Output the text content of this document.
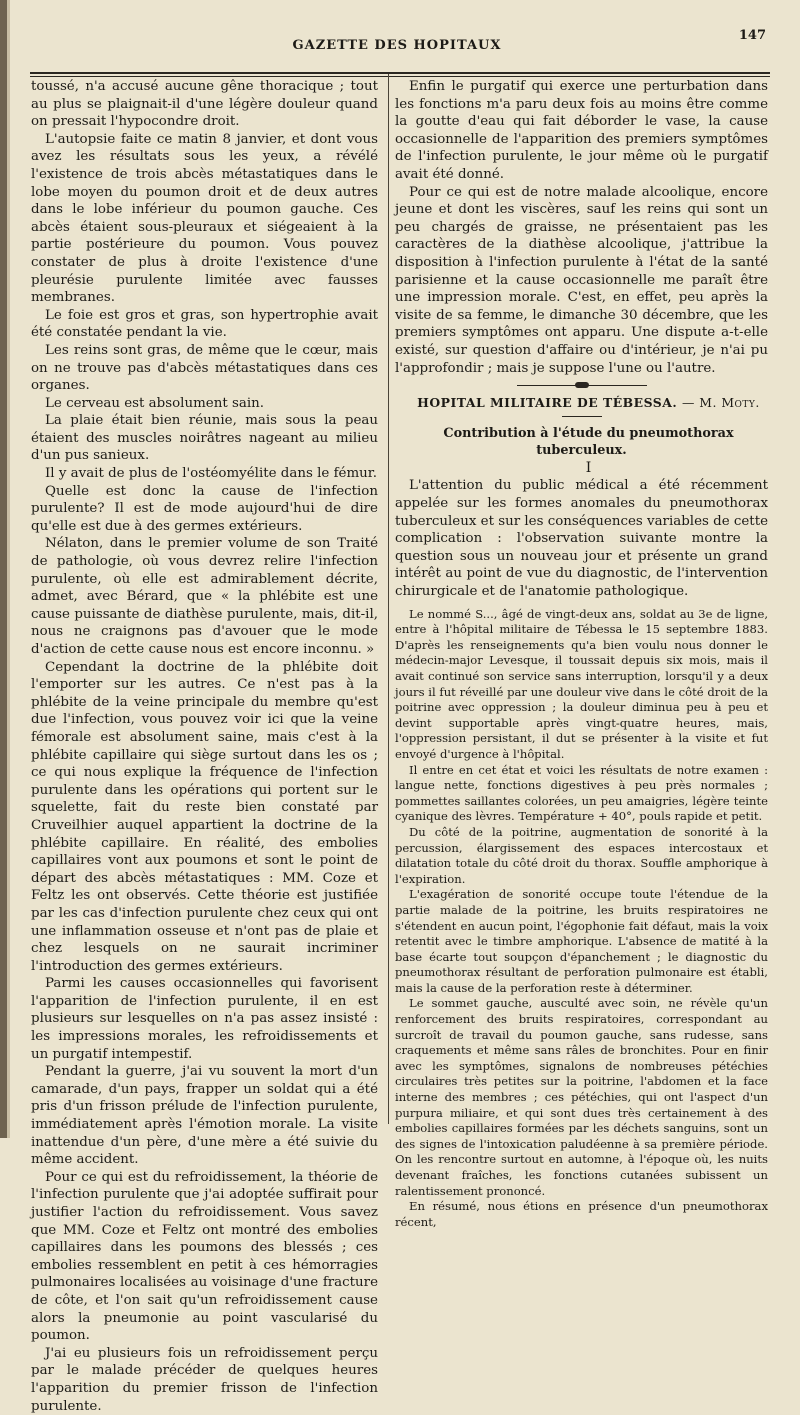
GAZETTE DES HOPITAUX
147

toussé, n'a accusé aucune gêne thoracique ; tout au plus se plaignait-il d'une légère douleur quand on pressait l'hypocondre droit.

L'autopsie faite ce matin 8 janvier, et dont vous avez les résultats sous les yeux, a révélé l'existence de trois abcès métastatiques dans le lobe moyen du poumon droit et de deux autres dans le lobe inférieur du poumon gauche. Ces abcès étaient sous-pleuraux et siégeaient à la partie postérieure du poumon. Vous pouvez constater de plus à droite l'existence d'une pleurésie purulente limitée avec fausses membranes.

Le foie est gros et gras, son hypertrophie avait été constatée pendant la vie.

Les reins sont gras, de même que le cœur, mais on ne trouve pas d'abcès métastatiques dans ces organes.

Le cerveau est absolument sain.

La plaie était bien réunie, mais sous la peau étaient des muscles noirâtres nageant au milieu d'un pus sanieux.

Il y avait de plus de l'ostéomyélite dans le fémur.

Quelle est donc la cause de l'infection purulente? Il est de mode aujourd'hui de dire qu'elle est due à des germes extérieurs.

Nélaton, dans le premier volume de son Traité de pathologie, où vous devrez relire l'infection purulente, où elle est admirablement décrite, admet, avec Bérard, que « la phlébite est une cause puissante de diathèse purulente, mais, dit-il, nous ne craignons pas d'avouer que le mode d'action de cette cause nous est encore inconnu. »

Cependant la doctrine de la phlébite doit l'emporter sur les autres. Ce n'est pas à la phlébite de la veine principale du membre qu'est due l'infection, vous pouvez voir ici que la veine fémorale est absolument saine, mais c'est à la phlébite capillaire qui siège surtout dans les os ; ce qui nous explique la fréquence de l'infection purulente dans les opérations qui portent sur le squelette, fait du reste bien constaté par Cruveilhier auquel appartient la doctrine de la phlébite capillaire. En réalité, des embolies capillaires vont aux poumons et sont le point de départ des abcès métastatiques : MM. Coze et Feltz les ont observés. Cette théorie est justifiée par les cas d'infection purulente chez ceux qui ont une inflammation osseuse et n'ont pas de plaie et chez lesquels on ne saurait incriminer l'introduction des germes extérieurs.

Parmi les causes occasionnelles qui favorisent l'apparition de l'infection purulente, il en est plusieurs sur lesquelles on n'a pas assez insisté : les impressions morales, les refroidissements et un purgatif intempestif.

Pendant la guerre, j'ai vu souvent la mort d'un camarade, d'un pays, frapper un soldat qui a été pris d'un frisson prélude de l'infection purulente, immédiatement après l'émotion morale. La visite inattendue d'un père, d'une mère a été suivie du même accident.

Pour ce qui est du refroidissement, la théorie de l'infection purulente que j'ai adoptée suffirait pour justifier l'action du refroidissement. Vous savez que MM. Coze et Feltz ont montré des embolies capillaires dans les poumons des blessés ; ces embolies ressemblent en petit à ces hémorragies pulmonaires localisées au voisinage d'une fracture de côte, et l'on sait qu'un refroidissement cause alors la pneumonie au point vascularisé du poumon.

J'ai eu plusieurs fois un refroidissement perçu par le malade précéder de quelques heures l'apparition du premier frisson de l'infection purulente.

Enfin le purgatif qui exerce une perturbation dans les fonctions m'a paru deux fois au moins être comme la goutte d'eau qui fait déborder le vase, la cause occasionnelle de l'apparition des premiers symptômes de l'infection purulente, le jour même où le purgatif avait été donné.

Pour ce qui est de notre malade alcoolique, encore jeune et dont les viscères, sauf les reins qui sont un peu chargés de graisse, ne présentaient pas les caractères de la diathèse alcoolique, j'attribue la disposition à l'infection purulente à l'état de la santé parisienne et la cause occasionnelle me paraît être une impression morale. C'est, en effet, peu après la visite de sa femme, le dimanche 30 décembre, que les premiers symptômes ont apparu. Une dispute a-t-elle existé, sur question d'affaire ou d'intérieur, je n'ai pu l'approfondir ; mais je suppose l'une ou l'autre.

HOPITAL MILITAIRE DE TÉBESSA. — M. Moty.

Contribution à l'étude du pneumothorax tuberculeux.

I

L'attention du public médical a été récemment appelée sur les formes anomales du pneumothorax tuberculeux et sur les conséquences variables de cette complication : l'observation suivante montre la question sous un nouveau jour et présente un grand intérêt au point de vue du diagnostic, de l'intervention chirurgicale et de l'anatomie pathologique.

Le nommé S..., âgé de vingt-deux ans, soldat au 3e de ligne, entre à l'hôpital militaire de Tébessa le 15 septembre 1883. D'après les renseignements qu'a bien voulu nous donner le médecin-major Levesque, il toussait depuis six mois, mais il avait continué son service sans interruption, lorsqu'il y a deux jours il fut réveillé par une douleur vive dans le côté droit de la poitrine avec oppression ; la douleur diminua peu à peu et devint supportable après vingt-quatre heures, mais, l'oppression persistant, il dut se présenter à la visite et fut envoyé d'urgence à l'hôpital.

Il entre en cet état et voici les résultats de notre examen : langue nette, fonctions digestives à peu près normales ; pommettes saillantes colorées, un peu amaigries, légère teinte cyanique des lèvres. Température + 40°, pouls rapide et petit.

Du côté de la poitrine, augmentation de sonorité à la percussion, élargissement des espaces intercostaux et dilatation totale du côté droit du thorax. Souffle amphorique à l'expiration.

L'exagération de sonorité occupe toute l'étendue de la partie malade de la poitrine, les bruits respiratoires ne s'étendent en aucun point, l'égophonie fait défaut, mais la voix retentit avec le timbre amphorique. L'absence de matité à la base écarte tout soupçon d'épanchement ; le diagnostic du pneumothorax résultant de perforation pulmonaire est établi, mais la cause de la perforation reste à déterminer.

Le sommet gauche, ausculté avec soin, ne révèle qu'un renforcement des bruits respiratoires, correspondant au surcroît de travail du poumon gauche, sans rudesse, sans craquements et même sans râles de bronchites. Pour en finir avec les symptômes, signalons de nombreuses pétéchies circulaires très petites sur la poitrine, l'abdomen et la face interne des membres ; ces pétéchies, qui ont l'aspect d'un purpura miliaire, et qui sont dues très certainement à des embolies capillaires formées par les déchets sanguins, sont un des signes de l'intoxication paludéenne à sa première période. On les rencontre surtout en automne, à l'époque où, les nuits devenant fraîches, les fonctions cutanées subissent un ralentissement prononcé.

En résumé, nous étions en présence d'un pneumothorax récent,
